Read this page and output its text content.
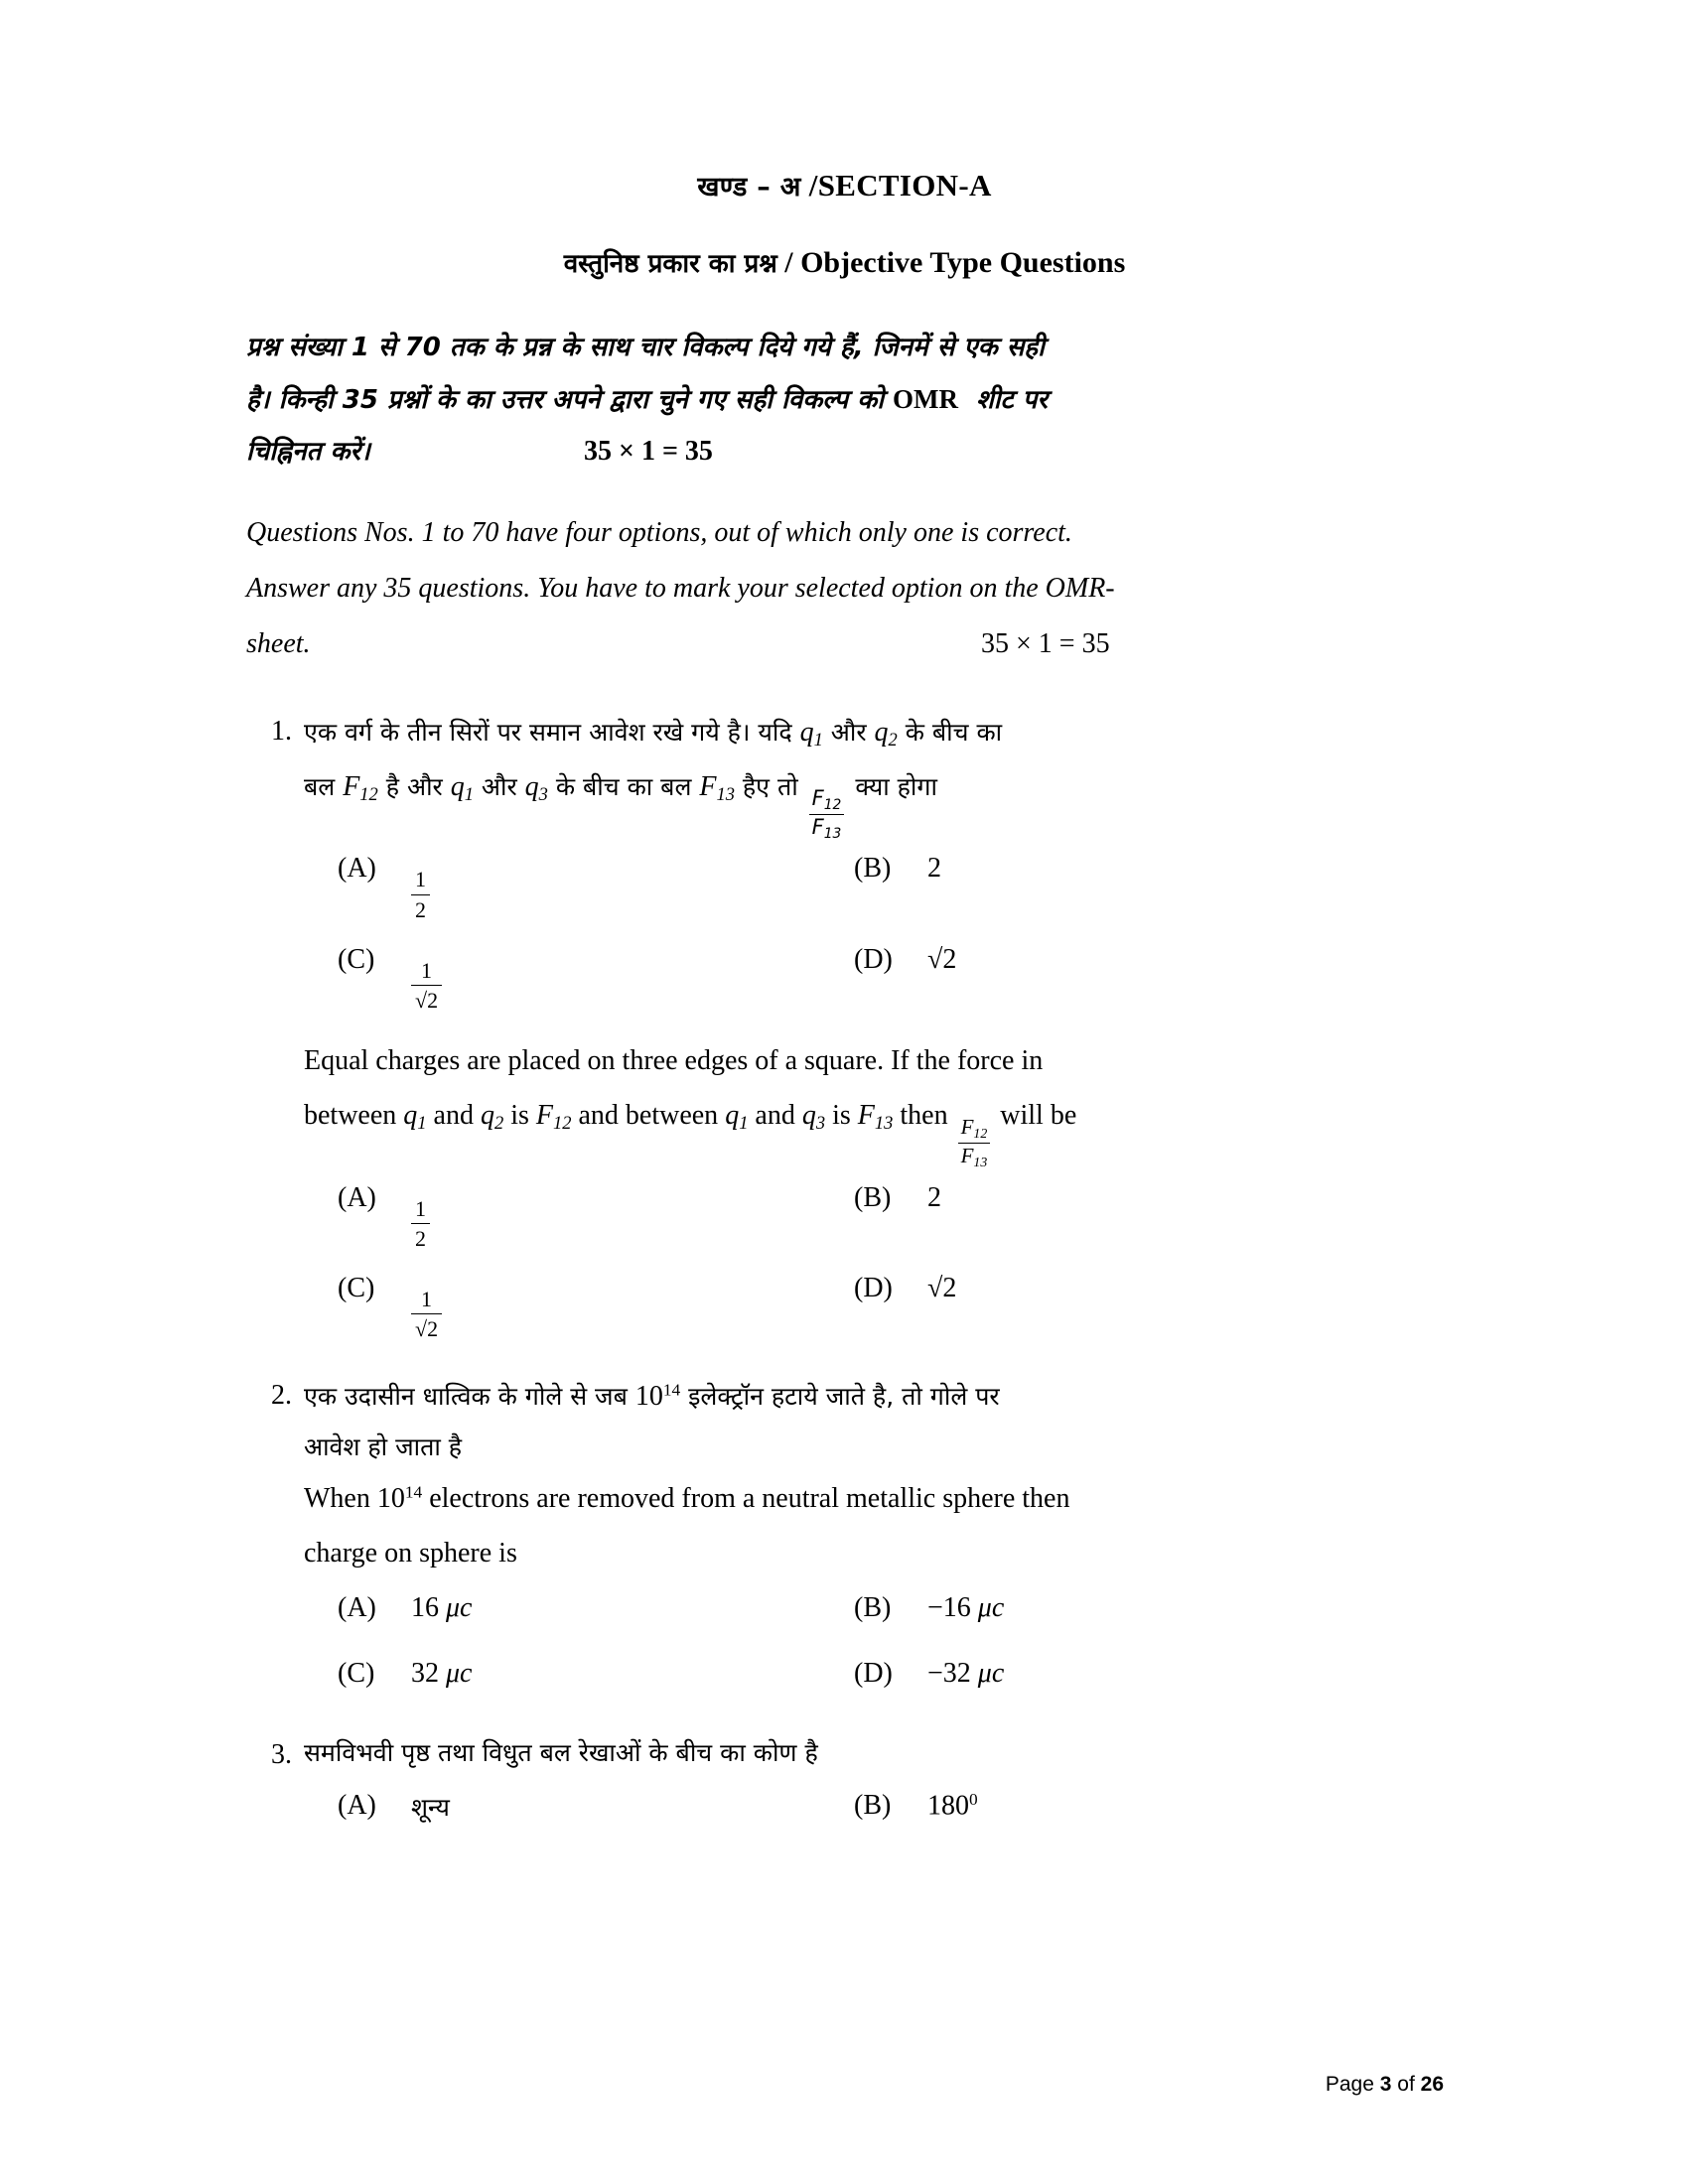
खण्ड – अ /SECTION-A
वस्तुनिष्ठ प्रकार का प्रश्न / Objective Type Questions
प्रश्न संख्या 1 से 70 तक के प्रन्न के साथ चार विकल्प दिये गये हैं, जिनमें से एक सही
है। किन्ही 35 प्रश्नों के का उत्तर अपने द्वारा चुने गए सही विकल्प को OMR शीट पर
चिह्निनत करें।	35 × 1 = 35
Questions Nos. 1 to 70 have four options, out of which only one is correct.
Answer any 35 questions. You have to mark your selected option on the OMR-
sheet.	35 × 1 = 35
1. एक वर्ग के तीन सिरों पर समान आवेश रखे गये है। यदि $q_1$ और $q_2$ के बीच का

बल $F_{12}$ है और $q_1$ और $q_3$ के बीच का बल $F_{13}$ हैए तो
$\frac{F_{12}}{F_{13}}$
क्या होगा

(A)	$\frac{1}{2}$	(B)	2
(C)	$\frac{1}{√2}$	(D)	√2

Equal charges are placed on three edges of a square. If the force in

between $q_1$ and $q_2$ is $F_{12}$ and between $q_1$ and $q_3$ is $F_{13}$ then
$\frac{F_{12}}{F_{13}}$
will be

(A)	$\frac{1}{2}$	(B)	2
(C)	$\frac{1}{√2}$	(D)	√2
2. एक उदासीन धात्विक के गोले से जब $10^{14}$ इलेक्ट्रॉन हटाये जाते है, तो गोले पर

आवेश हो जाता है

When $10^{14}$ electrons are removed from a neutral metallic sphere then

charge on sphere is

(A)	16 μc	(B)	−16 μc
(C)	32 μc	(D)	−32 μc
3. समविभवी पृष्ठ तथा विधुत बल रेखाओं के बीच का कोण है

(A)	शून्य	(B)	$180^0$
Page 3 of 26
